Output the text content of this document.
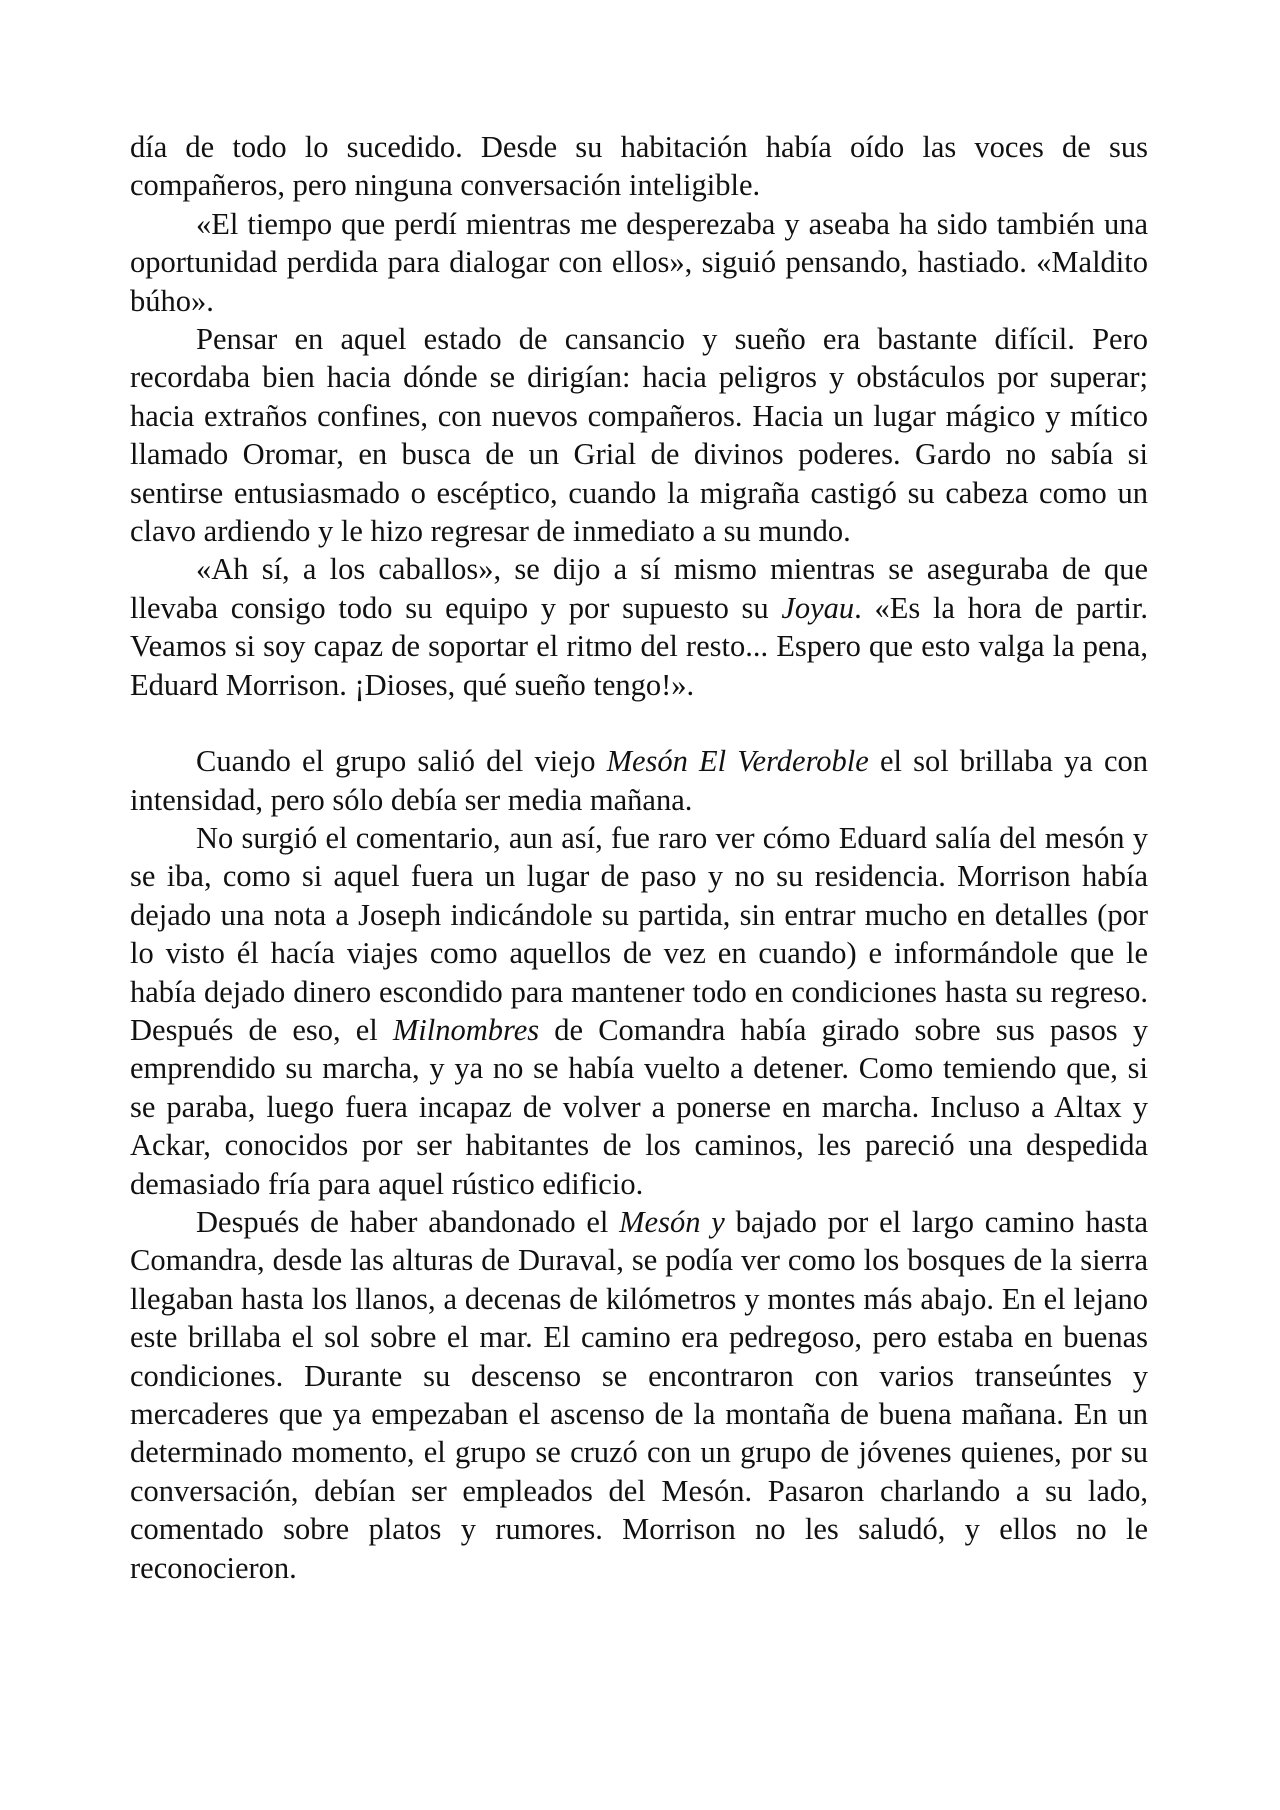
día de todo lo sucedido. Desde su habitación había oído las voces de sus compañeros, pero ninguna conversación inteligible.

«El tiempo que perdí mientras me desperezaba y aseaba ha sido también una oportunidad perdida para dialogar con ellos», siguió pensando, hastiado. «Maldito búho».

Pensar en aquel estado de cansancio y sueño era bastante difícil. Pero recordaba bien hacia dónde se dirigían: hacia peligros y obstáculos por superar; hacia extraños confines, con nuevos compañeros. Hacia un lugar mágico y mítico llamado Oromar, en busca de un Grial de divinos poderes. Gardo no sabía si sentirse entusiasmado o escéptico, cuando la migraña castigó su cabeza como un clavo ardiendo y le hizo regresar de inmediato a su mundo.

«Ah sí, a los caballos», se dijo a sí mismo mientras se aseguraba de que llevaba consigo todo su equipo y por supuesto su Joyau. «Es la hora de partir. Veamos si soy capaz de soportar el ritmo del resto... Espero que esto valga la pena, Eduard Morrison. ¡Dioses, qué sueño tengo!».

Cuando el grupo salió del viejo Mesón El Verderoble el sol brillaba ya con intensidad, pero sólo debía ser media mañana.

No surgió el comentario, aun así, fue raro ver cómo Eduard salía del mesón y se iba, como si aquel fuera un lugar de paso y no su residencia. Morrison había dejado una nota a Joseph indicándole su partida, sin entrar mucho en detalles (por lo visto él hacía viajes como aquellos de vez en cuando) e informándole que le había dejado dinero escondido para mantener todo en condiciones hasta su regreso. Después de eso, el Milnombres de Comandra había girado sobre sus pasos y emprendido su marcha, y ya no se había vuelto a detener. Como temiendo que, si se paraba, luego fuera incapaz de volver a ponerse en marcha. Incluso a Altax y Ackar, conocidos por ser habitantes de los caminos, les pareció una despedida demasiado fría para aquel rústico edificio.

Después de haber abandonado el Mesón y bajado por el largo camino hasta Comandra, desde las alturas de Duraval, se podía ver como los bosques de la sierra llegaban hasta los llanos, a decenas de kilómetros y montes más abajo. En el lejano este brillaba el sol sobre el mar. El camino era pedregoso, pero estaba en buenas condiciones. Durante su descenso se encontraron con varios transeúntes y mercaderes que ya empezaban el ascenso de la montaña de buena mañana. En un determinado momento, el grupo se cruzó con un grupo de jóvenes quienes, por su conversación, debían ser empleados del Mesón. Pasaron charlando a su lado, comentado sobre platos y rumores. Morrison no les saludó, y ellos no le reconocieron.
